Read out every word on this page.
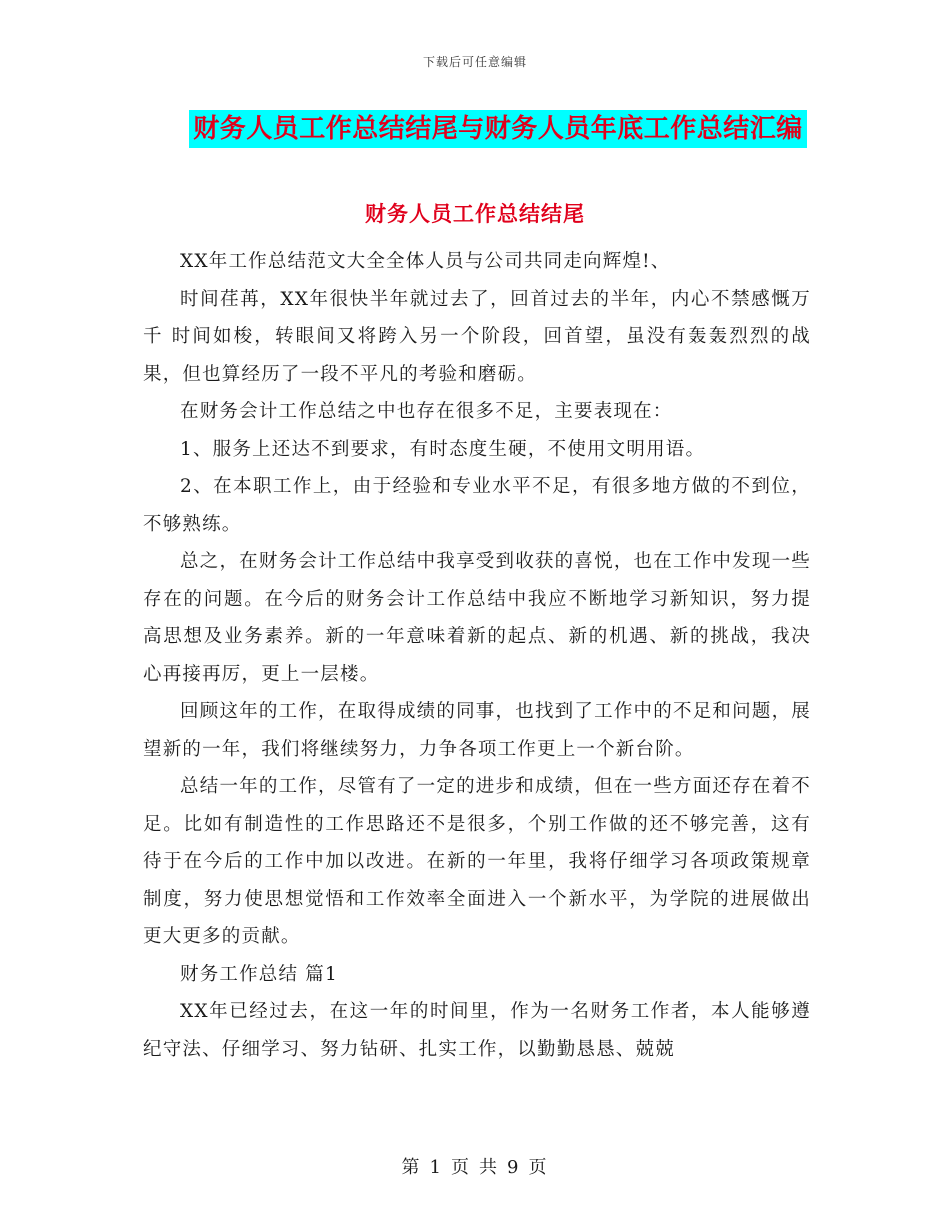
下载后可任意编辑
财务人员工作总结结尾与财务人员年底工作总结汇编
财务人员工作总结结尾

XX年工作总结范文大全全体人员与公司共同走向辉煌!、

时间荏苒，XX年很快半年就过去了，回首过去的半年，内心不禁感慨万千 时间如梭，转眼间又将跨入另一个阶段，回首望，虽没有轰轰烈烈的战果，但也算经历了一段不平凡的考验和磨砺。

在财务会计工作总结之中也存在很多不足，主要表现在：

1、服务上还达不到要求，有时态度生硬，不使用文明用语。

2、在本职工作上，由于经验和专业水平不足，有很多地方做的不到位，不够熟练。

总之，在财务会计工作总结中我享受到收获的喜悦，也在工作中发现一些存在的问题。在今后的财务会计工作总结中我应不断地学习新知识，努力提高思想及业务素养。新的一年意味着新的起点、新的机遇、新的挑战，我决心再接再厉，更上一层楼。

回顾这年的工作，在取得成绩的同事，也找到了工作中的不足和问题，展望新的一年，我们将继续努力，力争各项工作更上一个新台阶。

总结一年的工作，尽管有了一定的进步和成绩，但在一些方面还存在着不足。比如有制造性的工作思路还不是很多，个别工作做的还不够完善，这有待于在今后的工作中加以改进。在新的一年里，我将仔细学习各项政策规章制度，努力使思想觉悟和工作效率全面进入一个新水平，为学院的进展做出更大更多的贡献。

财务工作总结 篇1

XX年已经过去，在这一年的时间里，作为一名财务工作者，本人能够遵纪守法、仔细学习、努力钻研、扎实工作，以勤勤恳恳、兢兢

第 1 页 共 9 页
